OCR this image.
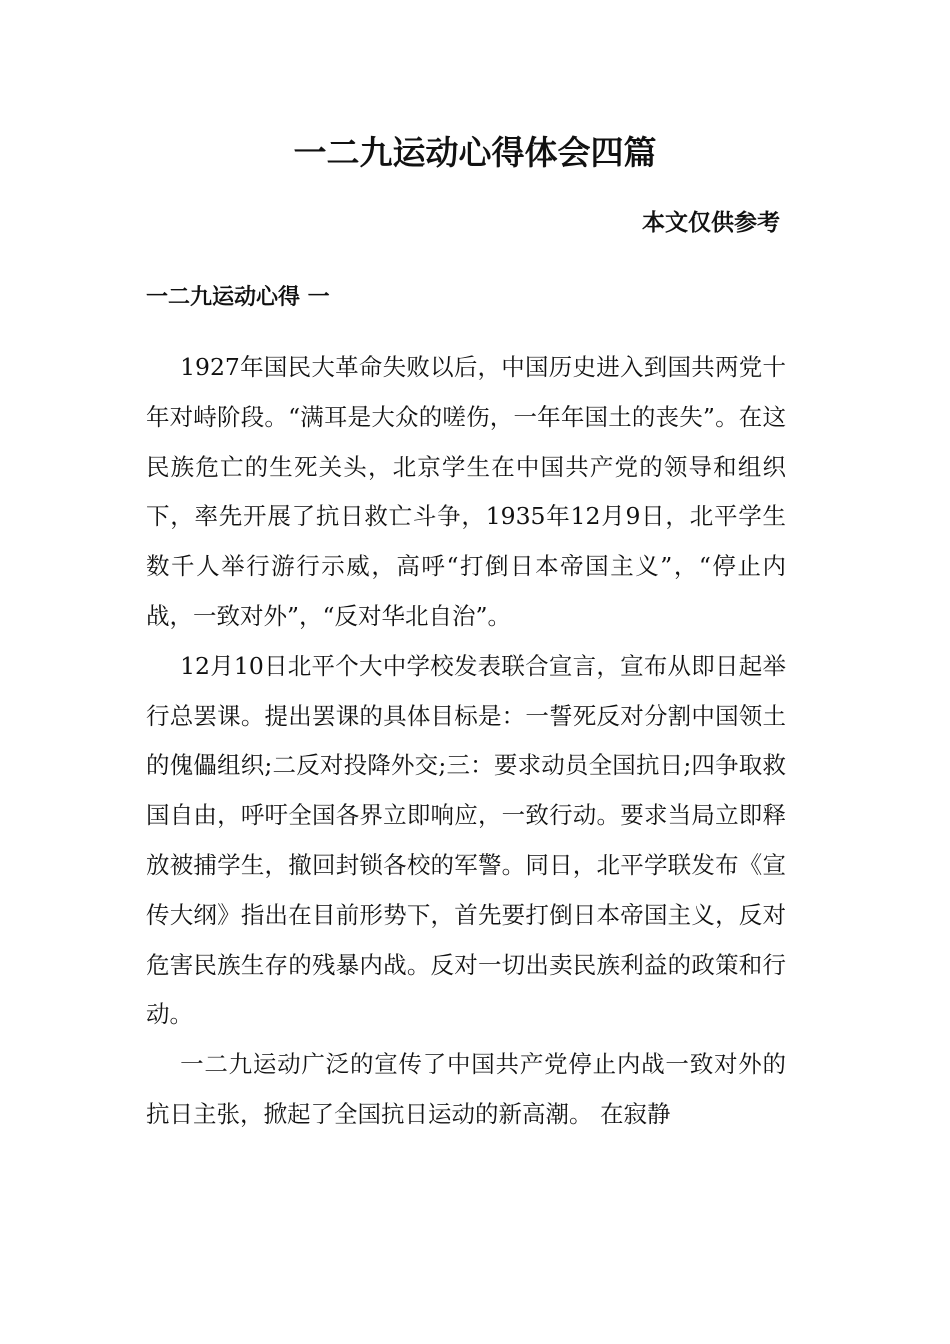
一二九运动心得体会四篇
本文仅供参考
一二九运动心得 一

1927年国民大革命失败以后，中国历史进入到国共两党十年对峙阶段。“满耳是大众的嗟伤，一年年国土的丧失”。在这民族危亡的生死关头，北京学生在中国共产党的领导和组织下，率先开展了抗日救亡斗争，1935年12月9日，北平学生数千人举行游行示威，高呼“打倒日本帝国主义”，“停止内战，一致对外”，“反对华北自治”。

12月10日北平个大中学校发表联合宣言，宣布从即日起举行总罢课。提出罢课的具体目标是：一誓死反对分割中国领土的傀儡组织;二反对投降外交;三：要求动员全国抗日;四争取救国自由，呼吁全国各界立即响应，一致行动。要求当局立即释放被捕学生，撤回封锁各校的军警。同日，北平学联发布《宣传大纲》指出在目前形势下，首先要打倒日本帝国主义，反对危害民族生存的残暴内战。反对一切出卖民族利益的政策和行动。

一二九运动广泛的宣传了中国共产党停止内战一致对外的抗日主张，掀起了全国抗日运动的新高潮。 在寂静
